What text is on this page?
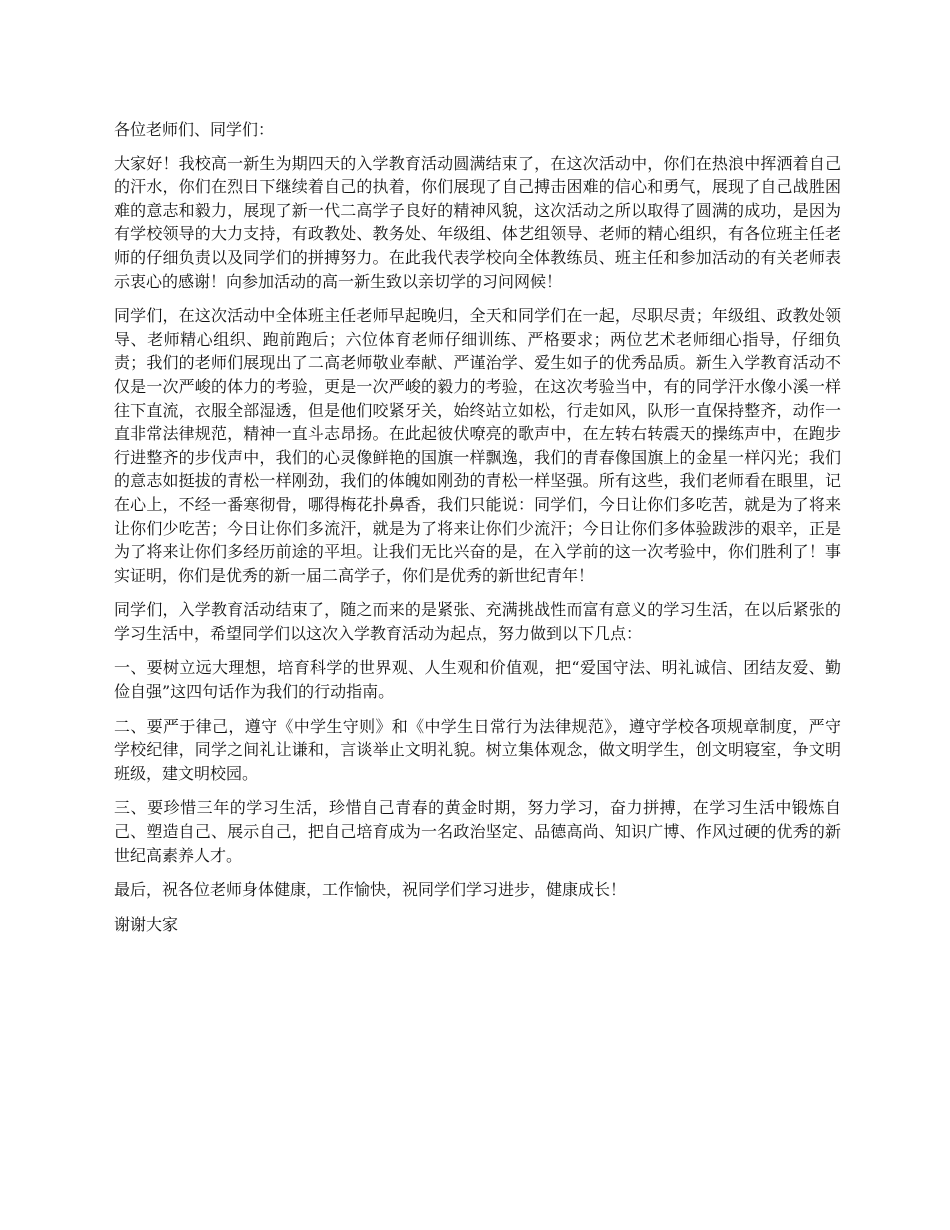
各位老师们、同学们：

大家好！我校高一新生为期四天的入学教育活动圆满结束了，在这次活动中，你们在热浪中挥洒着自己的汗水，你们在烈日下继续着自己的执着，你们展现了自己搏击困难的信心和勇气，展现了自己战胜困难的意志和毅力，展现了新一代二高学子良好的精神风貌，这次活动之所以取得了圆满的成功，是因为有学校领导的大力支持，有政教处、教务处、年级组、体艺组领导、老师的精心组织，有各位班主任老师的仔细负责以及同学们的拼搏努力。在此我代表学校向全体教练员、班主任和参加活动的有关老师表示衷心的感谢！向参加活动的高一新生致以亲切学的习问网候！

同学们，在这次活动中全体班主任老师早起晚归，全天和同学们在一起，尽职尽责；年级组、政教处领导、老师精心组织、跑前跑后；六位体育老师仔细训练、严格要求；两位艺术老师细心指导，仔细负责；我们的老师们展现出了二高老师敬业奉献、严谨治学、爱生如子的优秀品质。新生入学教育活动不仅是一次严峻的体力的考验，更是一次严峻的毅力的考验，在这次考验当中，有的同学汗水像小溪一样往下直流，衣服全部湿透，但是他们咬紧牙关，始终站立如松，行走如风，队形一直保持整齐，动作一直非常法律规范，精神一直斗志昂扬。在此起彼伏嘹亮的歌声中，在左转右转震天的操练声中，在跑步行进整齐的步伐声中，我们的心灵像鲜艳的国旗一样飘逸，我们的青春像国旗上的金星一样闪光；我们的意志如挺拔的青松一样刚劲，我们的体魄如刚劲的青松一样坚强。所有这些，我们老师看在眼里，记在心上，不经一番寒彻骨，哪得梅花扑鼻香，我们只能说：同学们，今日让你们多吃苦，就是为了将来让你们少吃苦；今日让你们多流汗，就是为了将来让你们少流汗；今日让你们多体验跋涉的艰辛，正是为了将来让你们多经历前途的平坦。让我们无比兴奋的是，在入学前的这一次考验中，你们胜利了！事实证明，你们是优秀的新一届二高学子，你们是优秀的新世纪青年！

同学们，入学教育活动结束了，随之而来的是紧张、充满挑战性而富有意义的学习生活，在以后紧张的学习生活中，希望同学们以这次入学教育活动为起点，努力做到以下几点：

一、要树立远大理想，培育科学的世界观、人生观和价值观，把“爱国守法、明礼诚信、团结友爱、勤俭自强”这四句话作为我们的行动指南。

二、要严于律己，遵守《中学生守则》和《中学生日常行为法律规范》，遵守学校各项规章制度，严守学校纪律，同学之间礼让谦和，言谈举止文明礼貌。树立集体观念，做文明学生，创文明寝室，争文明班级，建文明校园。

三、要珍惜三年的学习生活，珍惜自己青春的黄金时期，努力学习，奋力拼搏，在学习生活中锻炼自己、塑造自己、展示自己，把自己培育成为一名政治坚定、品德高尚、知识广博、作风过硬的优秀的新世纪高素养人才。

最后，祝各位老师身体健康，工作愉快，祝同学们学习进步，健康成长！

谢谢大家
